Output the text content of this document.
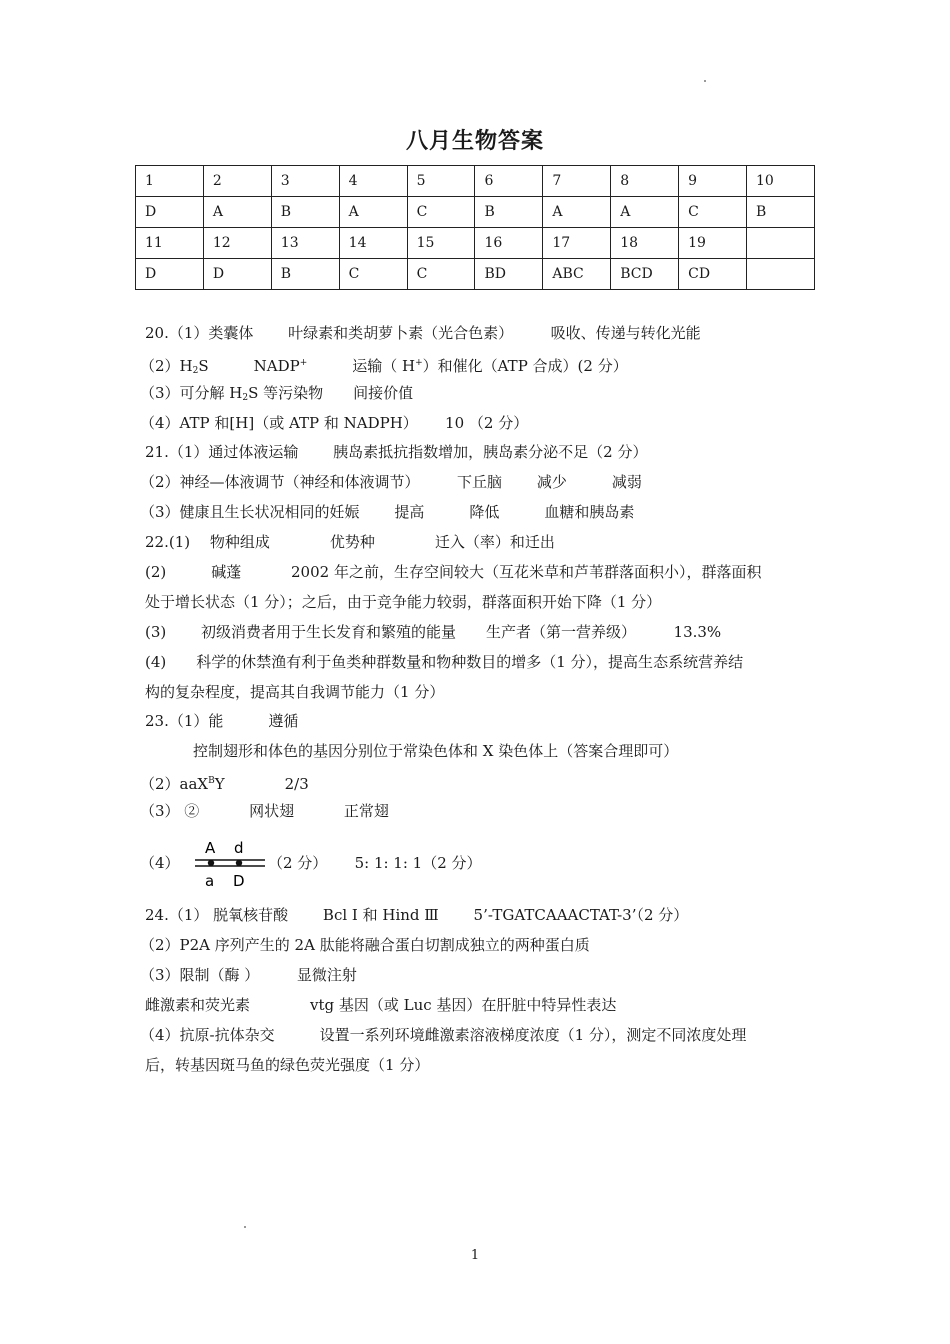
八月生物答案
1	2	3	4	5	6	7	8	9	10
D	A	B	A	C	B	A	A	C	B
11	12	13	14	15	16	17	18	19	
D	D	B	C	C	BD	ABC	BCD	CD	
20.（1）类囊体　　 叶绿素和类胡萝卜素（光合色素）　　　吸收、传递与转化光能
$(2)H_2S$　　　NADP+　　　运输（ H+）和催化（ATP 合成）(2 分）
（3）可分解 $H_2S$ 等污染物　　间接价值
（4）ATP 和[H]（或 ATP 和 NADPH）　　 10 （2 分）
21.（1）通过体液运输　　 胰岛素抵抗指数增加，胰岛素分泌不足（2 分）
（2）神经—体液调节（神经和体液调节）　　　下丘脑　　 减少　　　减弱
（3）健康且生长状况相同的妊娠　　 提高　　　降低　　　血糖和胰岛素
22.(1)　 物种组成　　　　优势种　　　　迁入（率）和迁出
(2)　　　碱蓬　　　 2002 年之前，生存空间较大（互花米草和芦苇群落面积小），群落面积
处于增长状态（1 分）；之后，由于竞争能力较弱，群落面积开始下降（1 分）
(3)　　 初级消费者用于生长发育和繁殖的能量　　生产者（第一营养级）　　　13.3%
(4)　　科学的休禁渔有利于鱼类种群数量和物种数目的增多（1 分），提高生态系统营养结
构的复杂程度，提高其自我调节能力（1 分）
23.（1）能　　　遵循
控制翅形和体色的基因分别位于常染色体和 X 染色体上（答案合理即可）
（2）aaX$^B$Y　　　　2/3
（3） ②　　　 网状翅　　　 正常翅
（4）
A d
a D
（2 分）　　 5: 1: 1: 1（2 分）
24.（1） 脱氧核苷酸　　 Bcl I 和 Hind Ⅲ　　 5’-TGATCAAACTAT-3’（2 分）
（2）P2A 序列产生的 2A 肽能将融合蛋白切割成独立的两种蛋白质
（3）限制（酶 ）　　　显微注射
雌激素和荧光素　　　　vtg 基因（或 Luc 基因）在肝脏中特异性表达
（4）抗原-抗体杂交　　　设置一系列环境雌激素溶液梯度浓度（1 分），测定不同浓度处理
后，转基因斑马鱼的绿色荧光强度（1 分）
1
